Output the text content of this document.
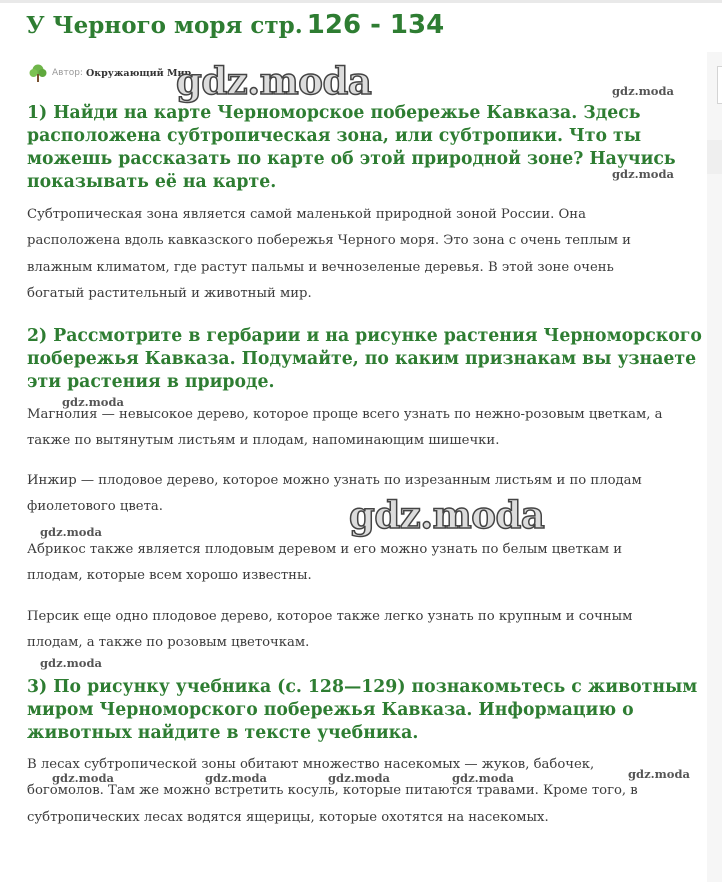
У Черного моря стр. 126 - 134
Автор: Окружающий Мир
gdz.moda
gdz.moda
gdz.moda
gdz.moda
gdz.moda
gdz.moda
gdz.moda
gdz.moda	gdz.moda	gdz.moda	gdz.moda	gdz.moda
1) Найди на карте Черноморское побережье Кавказа. Здесь
расположена субтропическая зона, или субтропики. Что ты
можешь рассказать по карте об этой природной зоне? Научись
показывать её на карте.

Субтропическая зона является самой маленькой природной зоной России. Она
расположена вдоль кавказского побережья Черного моря. Это зона с очень теплым и
влажным климатом, где растут пальмы и вечнозеленые деревья. В этой зоне очень
богатый растительный и животный мир.

2) Рассмотрите в гербарии и на рисунке растения Черноморского
побережья Кавказа. Подумайте, по каким признакам вы узнаете
эти растения в природе.

Магнолия — невысокое дерево, которое проще всего узнать по нежно-розовым цветкам, а
также по вытянутым листьям и плодам, напоминающим шишечки.

Инжир — плодовое дерево, которое можно узнать по изрезанным листьям и по плодам
фиолетового цвета.

Абрикос также является плодовым деревом и его можно узнать по белым цветкам и
плодам, которые всем хорошо известны.

Персик еще одно плодовое дерево, которое также легко узнать по крупным и сочным
плодам, а также по розовым цветочкам.

3) По рисунку учебника (с. 128—129) познакомьтесь с животным
миром Черноморского побережья Кавказа. Информацию о
животных найдите в тексте учебника.

В лесах субтропической зоны обитают множество насекомых — жуков, бабочек,
богомолов. Там же можно встретить косуль, которые питаются травами. Кроме того, в
субтропических лесах водятся ящерицы, которые охотятся на насекомых.
